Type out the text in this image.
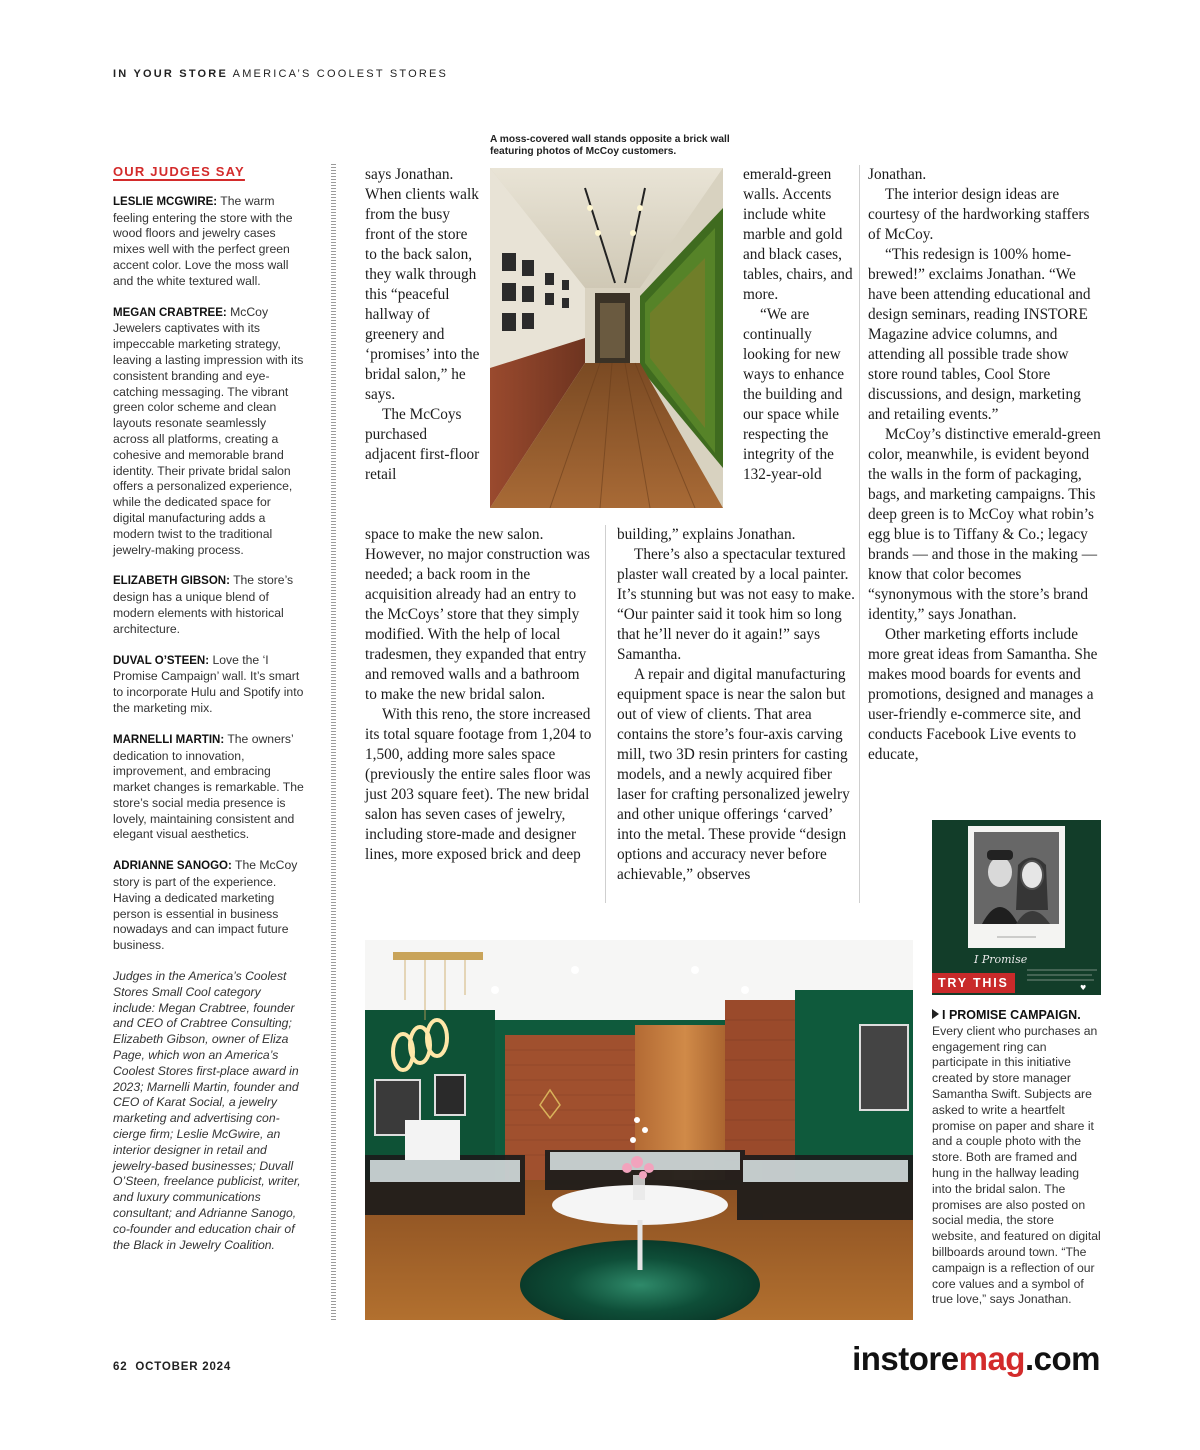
IN YOUR STORE AMERICA’S COOLEST STORES
OUR JUDGES SAY
LESLIE MCGWIRE: The warm feeling entering the store with the wood floors and jewelry cases mixes well with the perfect green accent color. Love the moss wall and the white textured wall.
MEGAN CRABTREE: McCoy Jewelers captivates with its impeccable marketing strategy, leaving a lasting impression with its consistent branding and eye-catching messaging. The vibrant green color scheme and clean layouts resonate seamlessly across all platforms, creating a cohesive and memorable brand identity. Their private bridal salon offers a personalized experience, while the dedicated space for digital manufacturing adds a modern twist to the traditional jewelry-making process.
ELIZABETH GIBSON: The store’s design has a unique blend of modern elements with historical architecture.
DUVAL O’STEEN: Love the ‘I Promise Campaign’ wall. It’s smart to incorporate Hulu and Spotify into the marketing mix.
MARNELLI MARTIN: The owners’ dedication to innovation, improvement, and embracing market changes is remarkable. The store’s social media presence is lovely, maintaining consistent and elegant visual aesthetics.
ADRIANNE SANOGO: The McCoy story is part of the experience. Having a dedicated marketing person is essential in business nowadays and can impact future business.
Judges in the America’s Coolest Stores Small Cool category include: Megan Crabtree, founder and CEO of Crabtree Consulting; Elizabeth Gibson, owner of Eliza Page, which won an America’s Coolest Stores first-place award in 2023; Marnelli Martin, founder and CEO of Karat Social, a jewelry marketing and advertising concierge firm; Leslie McGwire, an interior designer in retail and jewelry-based businesses; Duvall O’Steen, freelance publicist, writer, and luxury communications consultant; and Adrianne Sanogo, co-founder and education chair of the Black in Jewelry Coalition.
A moss-covered wall stands opposite a brick wall featuring photos of McCoy customers.

says Jonathan. When clients walk from the busy front of the store to the back salon, they walk through this “peaceful hallway of greenery and ‘promises’ into the bridal salon,” he says.

The McCoys purchased adjacent first-floor retail

space to make the new salon. However, no major construction was needed; a back room in the acquisition already had an entry to the McCoys’ store that they simply modified. With the help of local tradesmen, they expanded that entry and removed walls and a bathroom to make the new bridal salon.

With this reno, the store increased its total square footage from 1,204 to 1,500, adding more sales space (previously the entire sales floor was just 203 square feet). The new bridal salon has seven cases of jewelry, including store-made and designer lines, more exposed brick and deep

emerald-green walls. Accents include white marble and gold and black cases, tables, chairs, and more.

“We are continually looking for new ways to enhance the building and our space while respecting the integrity of the 132-year-old

building,” explains Jonathan.

There’s also a spectacular textured plaster wall created by a local painter. It’s stunning but was not easy to make. “Our painter said it took him so long that he’ll never do it again!” says Samantha.

A repair and digital manufacturing equipment space is near the salon but out of view of clients. That area contains the store’s four-axis carving mill, two 3D resin printers for casting models, and a newly acquired fiber laser for crafting personalized jewelry and other unique offerings ‘carved’ into the metal. These provide “design options and accuracy never before achievable,” observes

Jonathan.

The interior design ideas are courtesy of the hardworking staffers of McCoy.

“This redesign is 100% home-brewed!” exclaims Jonathan. “We have been attending educational and design seminars, reading INSTORE Magazine advice columns, and attending all possible trade show store round tables, Cool Store discussions, and design, marketing and retailing events.”

McCoy’s distinctive emerald-green color, meanwhile, is evident beyond the walls in the form of packaging, bags, and marketing campaigns. This deep green is to McCoy what robin’s egg blue is to Tiffany & Co.; legacy brands — and those in the making — know that color becomes “synonymous with the store’s brand identity,” says Jonathan.

Other marketing efforts include more great ideas from Samantha. She makes mood boards for events and promotions, designed and manages a user-friendly e-commerce site, and conducts Facebook Live events to educate,

I Promise
♥
TRY THIS
I PROMISE CAMPAIGN. Every client who purchases an engagement ring can participate in this initiative created by store manager Samantha Swift. Subjects are asked to write a heartfelt promise on paper and share it and a couple photo with the store. Both are framed and hung in the hallway leading into the bridal salon. The promises are also posted on social media, the store website, and featured on digital billboards around town. “The campaign is a reflection of our core values and a symbol of true love,” says Jonathan.
62 OCTOBER 2024	instoremag.com
